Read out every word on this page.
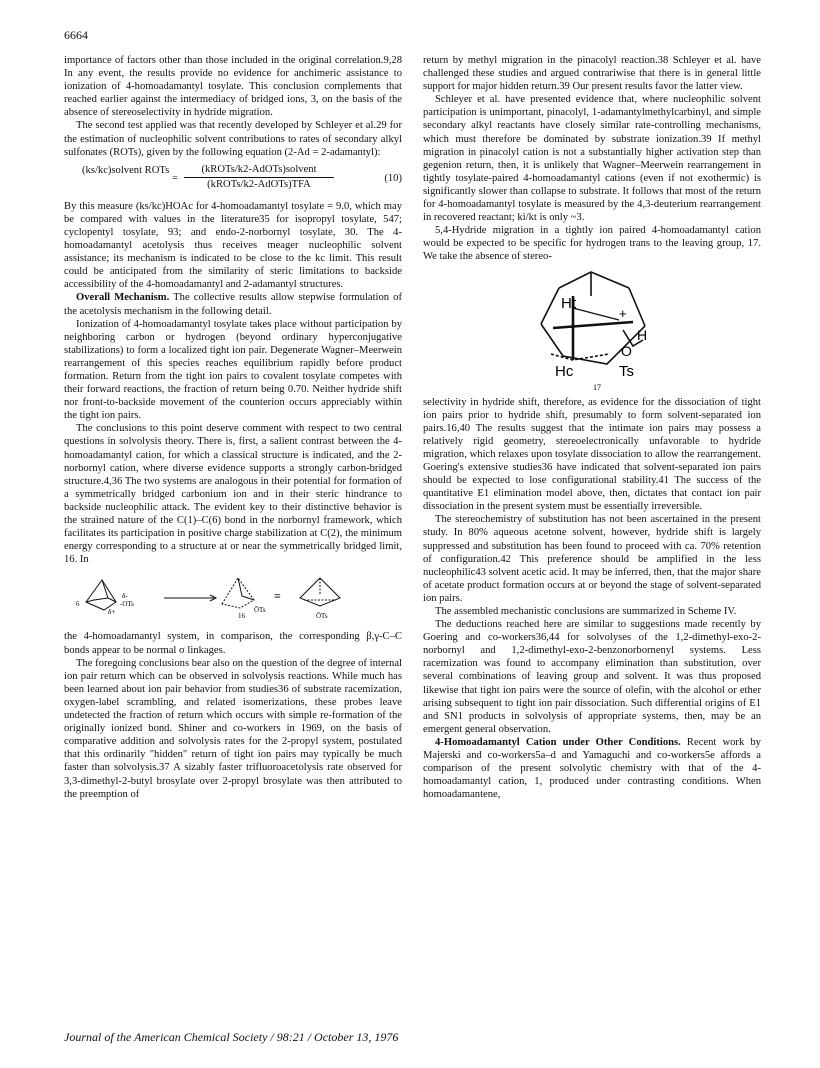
6664

importance of factors other than those included in the original correlation.9,28 In any event, the results provide no evidence for anchimeric assistance to ionization of 4-homoadamantyl tosylate. This conclusion complements that reached earlier against the intermediacy of bridged ions, 3, on the basis of the absence of stereoselectivity in hydride migration.

The second test applied was that recently developed by Schleyer et al.29 for the estimation of nucleophilic solvent contributions to rates of secondary alkyl sulfonates (ROTs), given by the following equation (2-Ad = 2-adamantyl):

(ks/kc)solvent ROTs
=
(kROTs/k2-AdOTs)solvent
(kROTs/k2-AdOTs)TFA
(10)

By this measure (ks/kc)HOAc for 4-homoadamantyl tosylate = 9.0, which may be compared with values in the literature35 for isopropyl tosylate, 547; cyclopentyl tosylate, 93; and endo-2-norbornyl tosylate, 30. The 4-homoadamantyl acetolysis thus receives meager nucleophilic solvent assistance; its mechanism is indicated to be close to the kc limit. This result could be anticipated from the similarity of steric limitations to backside accessibility of the 4-homoadamantyl and 2-adamantyl structures.

Overall Mechanism. The collective results allow stepwise formulation of the acetolysis mechanism in the following detail.

Ionization of 4-homoadamantyl tosylate takes place without participation by neighboring carbon or hydrogen (beyond ordinary hyperconjugative stabilizations) to form a localized tight ion pair. Degenerate Wagner–Meerwein rearrangement of this species reaches equilibrium rapidly before product formation. Return from the tight ion pairs to covalent tosylate competes with their forward reactions, the fraction of return being 0.70. Neither hydride shift nor front-to-backside movement of the counterion occurs appreciably within the tight ion pairs.

The conclusions to this point deserve comment with respect to two central questions in solvolysis theory. There is, first, a salient contrast between the 4-homoadamantyl cation, for which a classical structure is indicated, and the 2-norbornyl cation, where diverse evidence supports a strongly carbon-bridged structure.4,36 The two systems are analogous in their potential for formation of a symmetrically bridged carbonium ion and in their steric hindrance to backside nucleophilic attack. The evident key to their distinctive behavior is the strained nature of the C(1)–C(6) bond in the norbornyl framework, which facilitates its participation in positive charge stabilization at C(2), the minimum energy corresponding to a structure at or near the symmetrically bridged limit, 16. In

6
δ-
-OTs
δ+	ŌTs
≡
16	ŌTs

the 4-homoadamantyl system, in comparison, the corresponding β,γ-C–C bonds appear to be normal σ linkages.

The foregoing conclusions bear also on the question of the degree of internal ion pair return which can be observed in solvolysis reactions. While much has been learned about ion pair behavior from studies36 of substrate racemization, oxygen-label scrambling, and related isomerizations, these probes leave undetected the fraction of return which occurs with simple re-formation of the originally ionized bond. Shiner and co-workers in 1969, on the basis of comparative addition and solvolysis rates for the 2-propyl system, postulated that this ordinarily "hidden" return of tight ion pairs may typically be much faster than solvolysis.37 A sizably faster trifluoroacetolysis rate observed for 3,3-dimethyl-2-butyl brosylate over 2-propyl brosylate was then attributed to the preemption of

return by methyl migration in the pinacolyl reaction.38 Schleyer et al. have challenged these studies and argued contrariwise that there is in general little support for major hidden return.39 Our present results favor the latter view.

Schleyer et al. have presented evidence that, where nucleophilic solvent participation is unimportant, pinacolyl, 1-adamantylmethylcarbinyl, and simple secondary alkyl reactants have closely similar rate-controlling mechanisms, which must therefore be dominated by substrate ionization.39 If methyl migration in pinacolyl cation is not a substantially higher activation step than gegenion return, then, it is unlikely that Wagner–Meerwein rearrangement in tightly tosylate-paired 4-homoadamantyl cations (even if not exothermic) is significantly slower than collapse to substrate. It follows that most of the return for 4-homoadamantyl tosylate is measured by the 4,3-deuterium rearrangement in recovered reactant; ki/kt is only ~3.

5,4-Hydride migration in a tightly ion paired 4-homoadamantyl cation would be expected to be specific for hydrogen trans to the leaving group, 17. We take the absence of stereo-

Ht
+
H
O
Hc	Ts
17

selectivity in hydride shift, therefore, as evidence for the dissociation of tight ion pairs prior to hydride shift, presumably to form solvent-separated ion pairs.16,40 The results suggest that the intimate ion pairs may possess a relatively rigid geometry, stereoelectronically unfavorable to hydride migration, which relaxes upon tosylate dissociation to allow the rearrangement. Goering's extensive studies36 have indicated that solvent-separated ion pairs should be expected to lose configurational stability.41 The success of the quantitative E1 elimination model above, then, dictates that contact ion pair dissociation in the present system must be essentially irreversible.

The stereochemistry of substitution has not been ascertained in the present study. In 80% aqueous acetone solvent, however, hydride shift is largely suppressed and substitution has been found to proceed with ca. 70% retention of configuration.42 This preference should be amplified in the less nucleophilic43 solvent acetic acid. It may be inferred, then, that the major share of acetate product formation occurs at or beyond the stage of solvent-separated ion pairs.

The assembled mechanistic conclusions are summarized in Scheme IV.

The deductions reached here are similar to suggestions made recently by Goering and co-workers36,44 for solvolyses of the 1,2-dimethyl-exo-2-norbornyl and 1,2-dimethyl-exo-2-benzonorbornenyl systems. Less racemization was found to accompany elimination than substitution, over several combinations of leaving group and solvent. It was thus proposed likewise that tight ion pairs were the source of olefin, with the alcohol or ether arising subsequent to tight ion pair dissociation. Such differential origins of E1 and SN1 products in solvolysis of appropriate systems, then, may be an emergent general observation.

4-Homoadamantyl Cation under Other Conditions. Recent work by Majerski and co-workers5a–d and Yamaguchi and co-workers5e affords a comparison of the present solvolytic chemistry with that of the 4-homoadamantyl cation, 1, produced under contrasting conditions. When homoadamantene,

Journal of the American Chemical Society / 98:21 / October 13, 1976
